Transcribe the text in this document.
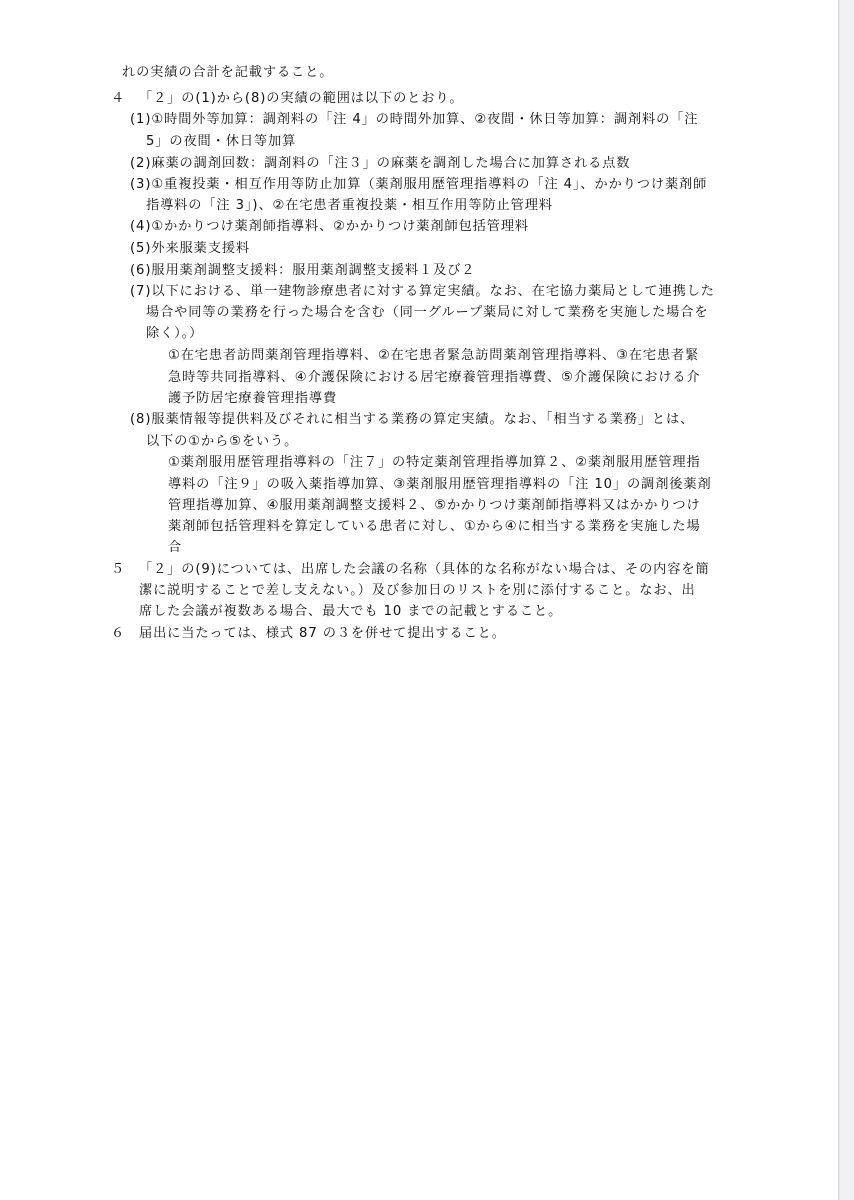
れの実績の合計を記載すること。
４ 「２」の(1)から(8)の実績の範囲は以下のとおり。
(1)①時間外等加算：調剤料の「注 4」の時間外加算、②夜間・休日等加算：調剤料の「注
5」の夜間・休日等加算
(2)麻薬の調剤回数：調剤料の「注３」の麻薬を調剤した場合に加算される点数
(3)①重複投薬・相互作用等防止加算（薬剤服用歴管理指導料の「注 4」、かかりつけ薬剤師
指導料の「注 3」)、②在宅患者重複投薬・相互作用等防止管理料
(4)①かかりつけ薬剤師指導料、②かかりつけ薬剤師包括管理料
(5)外来服薬支援料
(6)服用薬剤調整支援料：服用薬剤調整支援料１及び２
(7)以下における、単一建物診療患者に対する算定実績。なお、在宅協力薬局として連携した
場合や同等の業務を行った場合を含む（同一グループ薬局に対して業務を実施した場合を
除く）。）
①在宅患者訪問薬剤管理指導料、②在宅患者緊急訪問薬剤管理指導料、③在宅患者緊
急時等共同指導料、④介護保険における居宅療養管理指導費、⑤介護保険における介
護予防居宅療養管理指導費
(8)服薬情報等提供料及びそれに相当する業務の算定実績。なお、「相当する業務」とは、
以下の①から⑤をいう。
①薬剤服用歴管理指導料の「注７」の特定薬剤管理指導加算２、②薬剤服用歴管理指
導料の「注９」の吸入薬指導加算、③薬剤服用歴管理指導料の「注 10」の調剤後薬剤
管理指導加算、④服用薬剤調整支援料２、⑤かかりつけ薬剤師指導料又はかかりつけ
薬剤師包括管理料を算定している患者に対し、①から④に相当する業務を実施した場
合
５ 「２」の(9)については、出席した会議の名称（具体的な名称がない場合は、その内容を簡
潔に説明することで差し支えない。）及び参加日のリストを別に添付すること。なお、出
席した会議が複数ある場合、最大でも 10 までの記載とすること。
６ 届出に当たっては、様式 87 の３を併せて提出すること。
